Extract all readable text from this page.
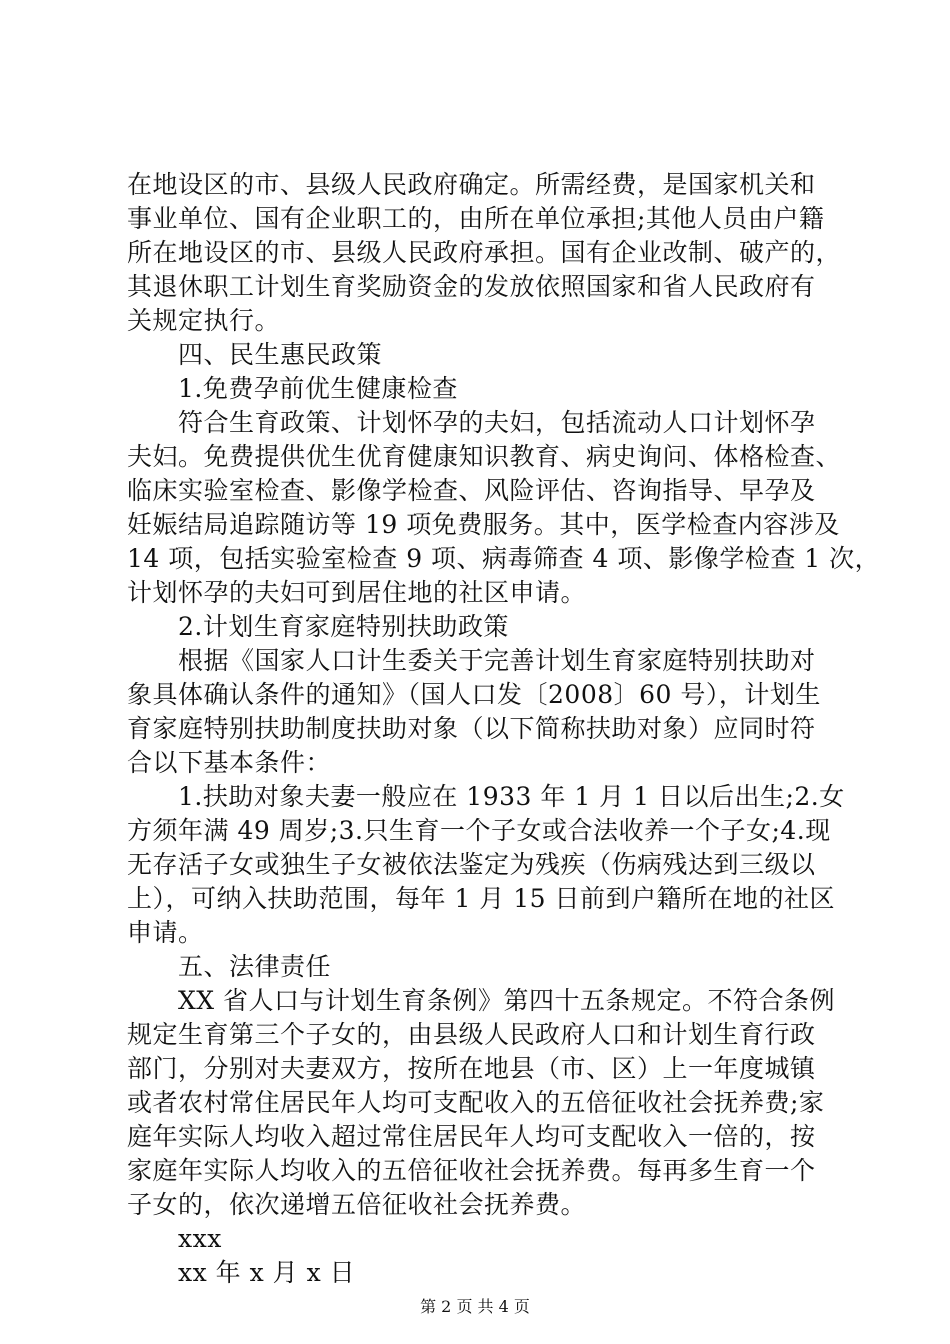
在地设区的市、县级人民政府确定。所需经费，是国家机关和
事业单位、国有企业职工的，由所在单位承担;其他人员由户籍
所在地设区的市、县级人民政府承担。国有企业改制、破产的，
其退休职工计划生育奖励资金的发放依照国家和省人民政府有
关规定执行。
四、民生惠民政策
1.免费孕前优生健康检查
符合生育政策、计划怀孕的夫妇，包括流动人口计划怀孕
夫妇。免费提供优生优育健康知识教育、病史询问、体格检查、
临床实验室检查、影像学检查、风险评估、咨询指导、早孕及
妊娠结局追踪随访等 19 项免费服务。其中，医学检查内容涉及
14 项，包括实验室检查 9 项、病毒筛查 4 项、影像学检查 1 次，
计划怀孕的夫妇可到居住地的社区申请。
2.计划生育家庭特别扶助政策
根据《国家人口计生委关于完善计划生育家庭特别扶助对
象具体确认条件的通知》（国人口发〔2008〕60 号），计划生
育家庭特别扶助制度扶助对象（以下简称扶助对象）应同时符
合以下基本条件：
1.扶助对象夫妻一般应在 1933 年 1 月 1 日以后出生;2.女
方须年满 49 周岁;3.只生育一个子女或合法收养一个子女;4.现
无存活子女或独生子女被依法鉴定为残疾（伤病残达到三级以
上），可纳入扶助范围，每年 1 月 15 日前到户籍所在地的社区
申请。
五、法律责任
XX 省人口与计划生育条例》第四十五条规定。不符合条例
规定生育第三个子女的，由县级人民政府人口和计划生育行政
部门，分别对夫妻双方，按所在地县（市、区）上一年度城镇
或者农村常住居民年人均可支配收入的五倍征收社会抚养费;家
庭年实际人均收入超过常住居民年人均可支配收入一倍的，按
家庭年实际人均收入的五倍征收社会抚养费。每再多生育一个
子女的，依次递增五倍征收社会抚养费。
xxx
xx 年 x 月 x 日
第 2 页 共 4 页
